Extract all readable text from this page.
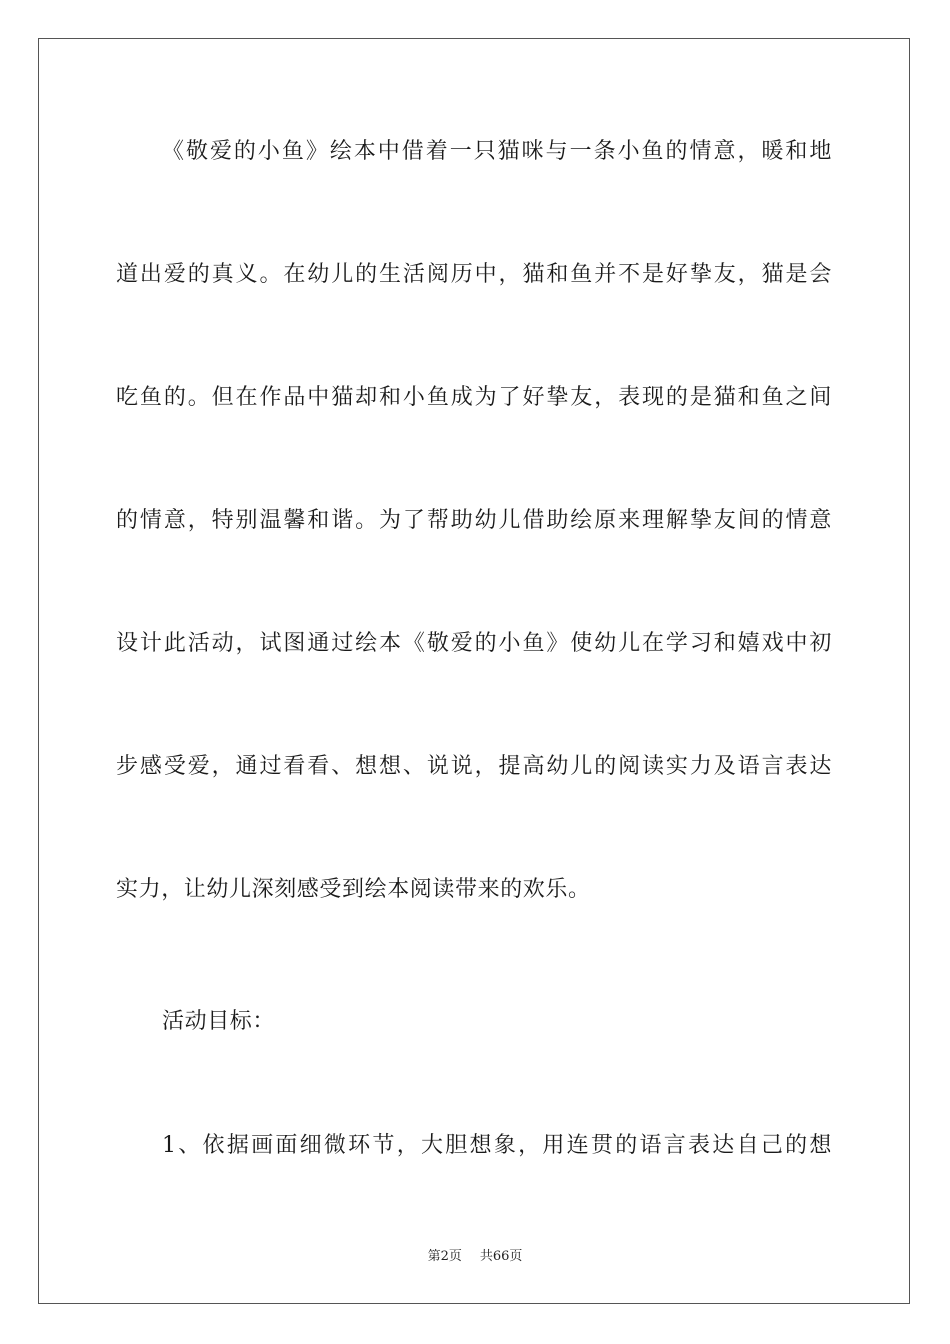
《敬爱的小鱼》绘本中借着一只猫咪与一条小鱼的情意，暖和地
道出爱的真义。在幼儿的生活阅历中，猫和鱼并不是好挚友，猫是会
吃鱼的。但在作品中猫却和小鱼成为了好挚友，表现的是猫和鱼之间
的情意，特别温馨和谐。为了帮助幼儿借助绘原来理解挚友间的情意
设计此活动，试图通过绘本《敬爱的小鱼》使幼儿在学习和嬉戏中初
步感受爱，通过看看、想想、说说，提高幼儿的阅读实力及语言表达
实力，让幼儿深刻感受到绘本阅读带来的欢乐。
活动目标：
1、依据画面细微环节，大胆想象，用连贯的语言表达自己的想
第2页 共66页
